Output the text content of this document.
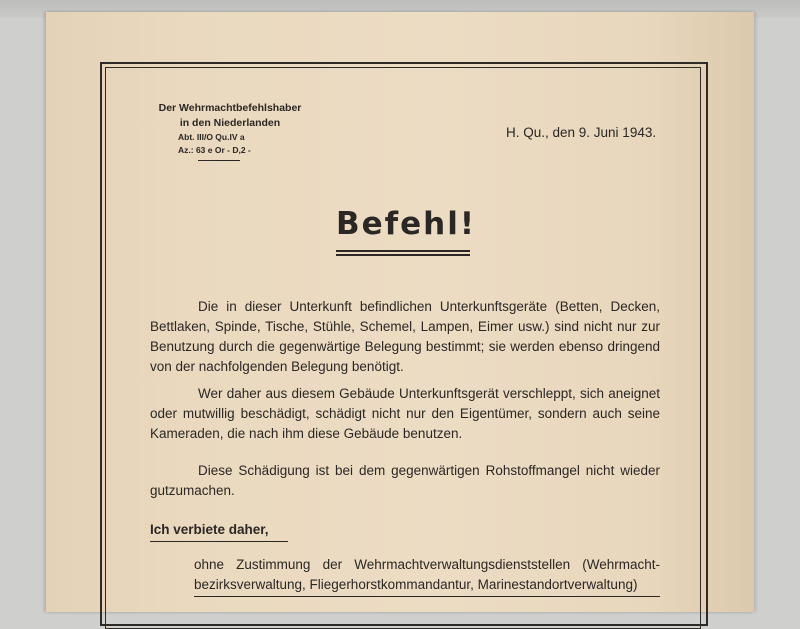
Der Wehrmachtbefehlshaber
in den Niederlanden
Abt. III/O Qu.IV a
Az.: 63 e Or - D,2 -
H. Qu., den 9. Juni 1943.
Befehl!
Die in dieser Unterkunft befindlichen Unterkunftsgeräte (Betten, Decken, Bettlaken, Spinde, Tische, Stühle, Schemel, Lampen, Eimer usw.) sind nicht nur zur Benutzung durch die gegenwärtige Belegung bestimmt; sie werden ebenso dringend von der nachfolgenden Belegung benötigt.
Wer daher aus diesem Gebäude Unterkunftsgerät verschleppt, sich aneignet oder mutwillig beschädigt, schädigt nicht nur den Eigentümer, sondern auch seine Kameraden, die nach ihm diese Gebäude benutzen.
Diese Schädigung ist bei dem gegenwärtigen Rohstoffmangel nicht wieder gutzumachen.
Ich verbiete daher,
ohne Zustimmung der Wehrmachtverwaltungsdienststellen (Wehrmachtbezirksverwaltung, Fliegerhorstkommandantur, Marinestandortverwaltung)
